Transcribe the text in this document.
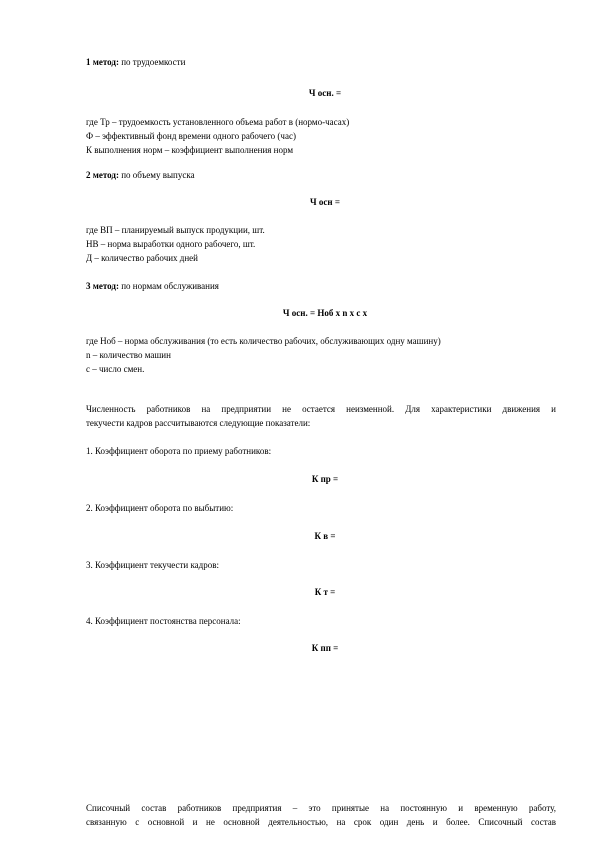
1 метод: по трудоемкости
Ч осн. =
где Тр – трудоемкость установленного объема работ в (нормо-часах)
Ф – эффективный фонд времени одного рабочего (час)
К выполнения норм – коэффициент выполнения норм
2 метод: по объему выпуска
Ч осн =
где ВП – планируемый выпуск продукции, шт.
НВ – норма выработки одного рабочего, шт.
Д – количество рабочих дней
3 метод: по нормам обслуживания
Ч осн. = Ноб х n х с х
где Ноб – норма обслуживания (то есть количество рабочих, обслуживающих одну машину)
n – количество машин
с – число смен.
Численность работников на предприятии не остается неизменной. Для характеристики движения и
текучести кадров рассчитываются следующие показатели:
1. Коэффициент оборота по приему работников:
К пр =
2. Коэффициент оборота по выбытию:
К в =
3. Коэффициент текучести кадров:
К т =
4. Коэффициент постоянства персонала:
К пп =
Списочный состав работников предприятия – это принятые на постоянную и временную работу,
связанную с основной и не основной деятельностью, на срок один день и более. Списочный состав
